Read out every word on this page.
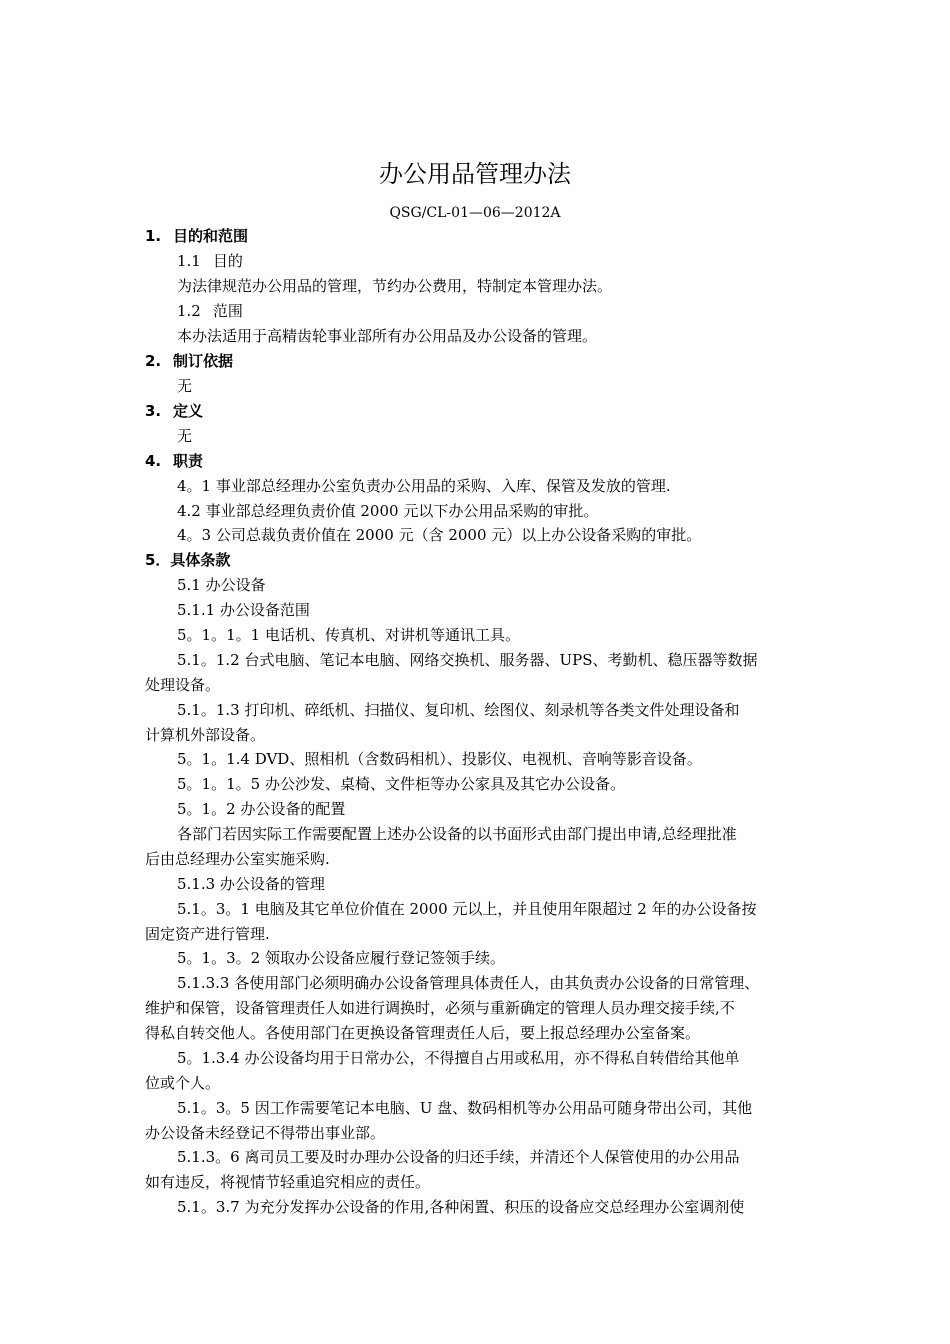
办公用品管理办法
QSG/CL-01—06—2012A
1. 目的和范围
1.1 目的
为法律规范办公用品的管理，节约办公费用，特制定本管理办法。
1.2 范围
本办法适用于高精齿轮事业部所有办公用品及办公设备的管理。
2. 制订依据
无
3. 定义
无
4. 职责
4。1 事业部总经理办公室负责办公用品的采购、入库、保管及发放的管理.
4.2 事业部总经理负责价值 2000 元以下办公用品采购的审批。
4。3 公司总裁负责价值在 2000 元（含 2000 元）以上办公设备采购的审批。
5．具体条款
5.1 办公设备
5.1.1 办公设备范围
5。1。1。1 电话机、传真机、对讲机等通讯工具。
5.1。1.2 台式电脑、笔记本电脑、网络交换机、服务器、UPS、考勤机、稳压器等数据
处理设备。
5.1。1.3 打印机、碎纸机、扫描仪、复印机、绘图仪、刻录机等各类文件处理设备和
计算机外部设备。
5。1。1.4 DVD、照相机（含数码相机）、投影仪、电视机、音响等影音设备。
5。1。1。5 办公沙发、桌椅、文件柜等办公家具及其它办公设备。
5。1。2 办公设备的配置
各部门若因实际工作需要配置上述办公设备的以书面形式由部门提出申请,总经理批准
后由总经理办公室实施采购.
5.1.3 办公设备的管理
5.1。3。1 电脑及其它单位价值在 2000 元以上，并且使用年限超过 2 年的办公设备按
固定资产进行管理.
5。1。3。2 领取办公设备应履行登记签领手续。
5.1.3.3 各使用部门必须明确办公设备管理具体责任人，由其负责办公设备的日常管理、
维护和保管，设备管理责任人如进行调换时，必须与重新确定的管理人员办理交接手续,不
得私自转交他人。各使用部门在更换设备管理责任人后，要上报总经理办公室备案。
5。1.3.4 办公设备均用于日常办公，不得擅自占用或私用，亦不得私自转借给其他单
位或个人。
5.1。3。5 因工作需要笔记本电脑、U 盘、数码相机等办公用品可随身带出公司，其他
办公设备未经登记不得带出事业部。
5.1.3。6 离司员工要及时办理办公设备的归还手续，并清还个人保管使用的办公用品
如有违反，将视情节轻重追究相应的责任。
5.1。3.7 为充分发挥办公设备的作用,各种闲置、积压的设备应交总经理办公室调剂使
